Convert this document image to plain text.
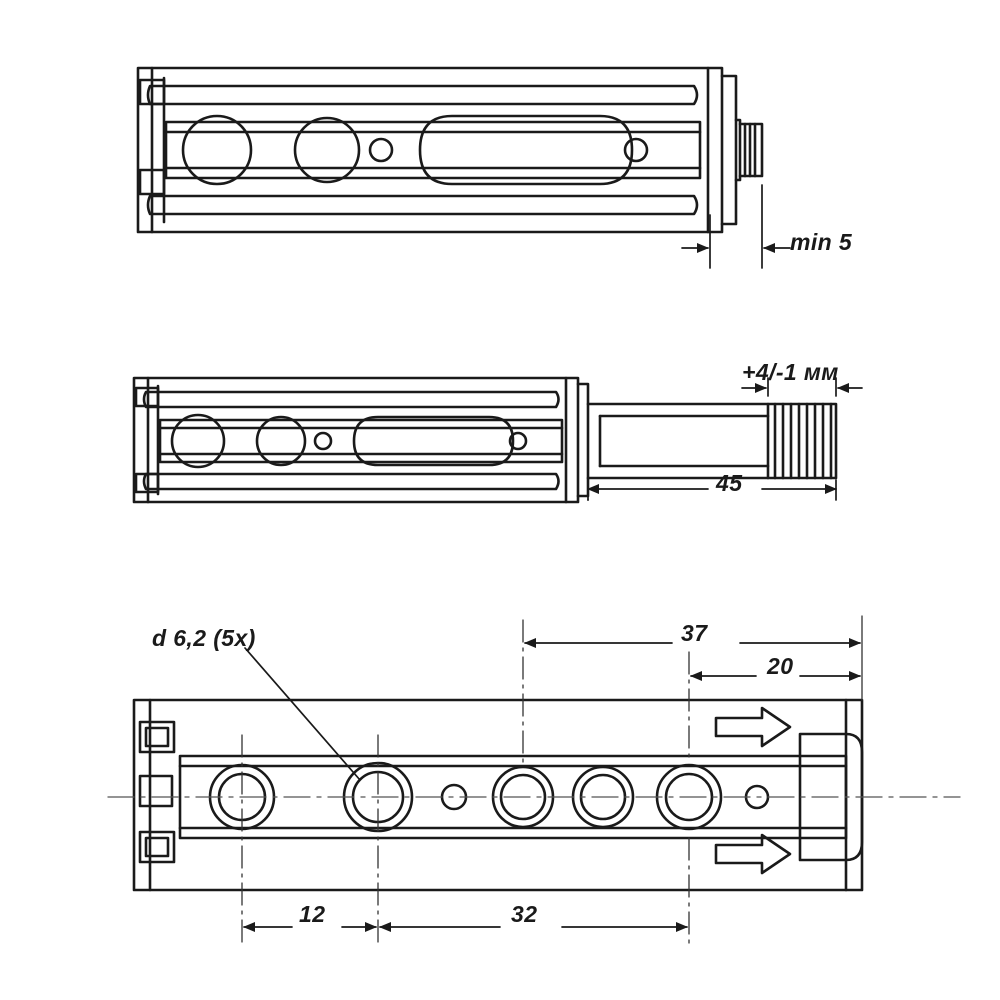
min 5
+4/-1 мм
45
d 6,2 (5x)	37
20
12	32
